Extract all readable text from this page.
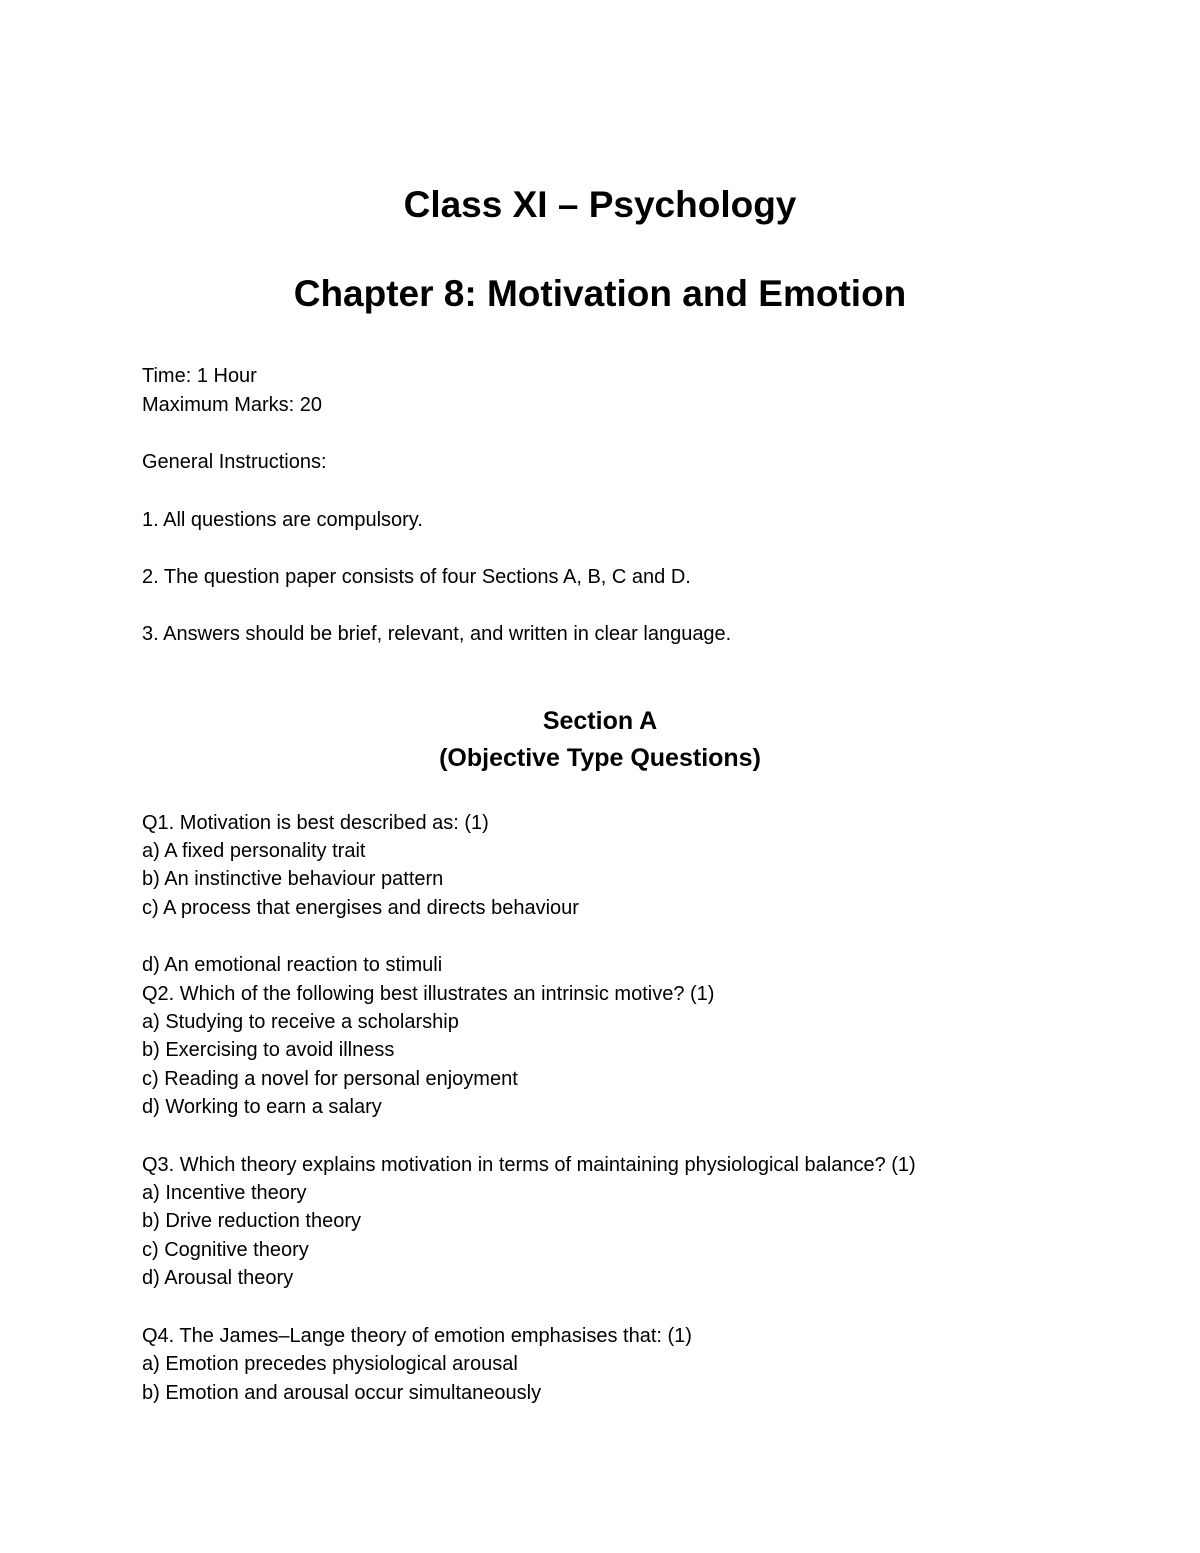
Class XI – Psychology
Chapter 8: Motivation and Emotion
Time: 1 Hour
Maximum Marks: 20
General Instructions:
1. All questions are compulsory.
2. The question paper consists of four Sections A, B, C and D.
3. Answers should be brief, relevant, and written in clear language.
Section A
(Objective Type Questions)
Q1. Motivation is best described as: (1)
a) A fixed personality trait
b) An instinctive behaviour pattern
c) A process that energises and directs behaviour
d) An emotional reaction to stimuli
Q2. Which of the following best illustrates an intrinsic motive? (1)
a) Studying to receive a scholarship
b) Exercising to avoid illness
c) Reading a novel for personal enjoyment
d) Working to earn a salary
Q3. Which theory explains motivation in terms of maintaining physiological balance? (1)
a) Incentive theory
b) Drive reduction theory
c) Cognitive theory
d) Arousal theory
Q4. The James–Lange theory of emotion emphasises that: (1)
a) Emotion precedes physiological arousal
b) Emotion and arousal occur simultaneously
